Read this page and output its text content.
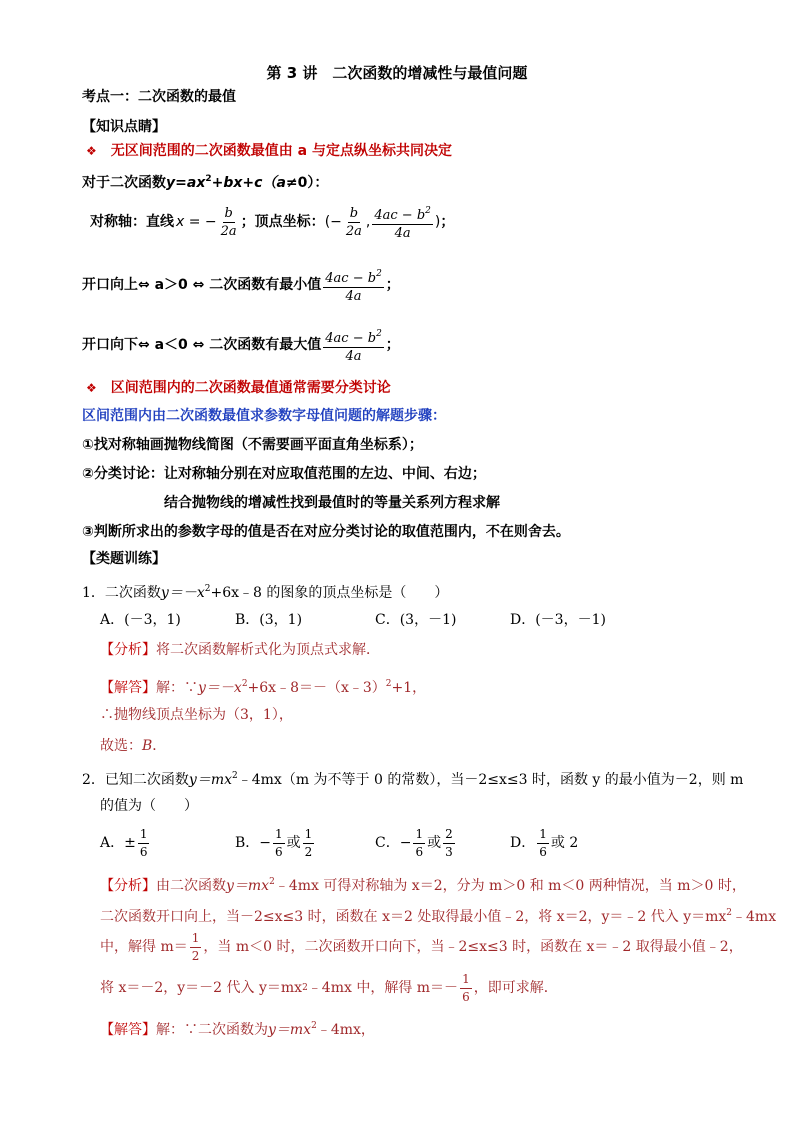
第 3 讲　二次函数的增减性与最值问题
考点一：二次函数的最值
【知识点睛】
❖ 无区间范围的二次函数最值由 a 与定点纵坐标共同决定
对于二次函数$y=ax^2+bx+c(a\ne 0)$：
对称轴：直线 x = − $\frac{b}{2a}$ ；顶点坐标： (− $\frac{b}{2a}$ , $\frac{4ac - b^2}{4a}$ ) ；
开口向上⇔ a＞0 ⇔ 二次函数有最小值 $\frac{4ac - b^2}{4a}$ ；
开口向下⇔ a＜0 ⇔ 二次函数有最大值 $\frac{4ac - b^2}{4a}$ ；
❖ 区间范围内的二次函数最值通常需要分类讨论
区间范围内由二次函数最值求参数字母值问题的解题步骤：
①找对称轴画抛物线简图（不需要画平面直角坐标系）；
②分类讨论：让对称轴分别在对应取值范围的左边、中间、右边；
结合抛物线的增减性找到最值时的等量关系列方程求解
③判断所求出的参数字母的值是否在对应分类讨论的取值范围内，不在则舍去。
【类题训练】
1．二次函数$y=-x^2+6x﹣8$ 的图象的顶点坐标是（　　）
A．(－3，1)	B．(3，1)	C．(3，－1)	D．(－3，－1)
【分析】将二次函数解析式化为顶点式求解．
【解答】解：$\because y=-x^2+6x﹣8=-(x﹣3)^2+1$，
∴抛物线顶点坐标为（3，1），
故选：B．
2．已知二次函数$y=mx^2﹣4mx(m$ 为不等于 0 的常数），当－2≤x≤3 时，函数 y 的最小值为－2，则 m
的值为（　　）
A．± $\frac{1}{6}$	B．− $\frac{1}{6}$ 或 $\frac{1}{2}$	C．− $\frac{1}{6}$ 或 $\frac{2}{3}$	D． $\frac{1}{6}$ 或 2
【分析】由二次函数$y=mx^2﹣4mx$ 可得对称轴为 x＝2，分为 m＞0 和 m＜0 两种情况，当 m＞0 时，
二次函数开口向上，当－2≤x≤3 时，函数在 x＝2 处取得最小值﹣2，将 x＝2，y＝﹣2 代入 $y=mx^2﹣4mx$
中，解得 $m= \frac{1}{2}$ ，当 m＜0 时，二次函数开口向下，当﹣2≤x≤3 时，函数在 x＝﹣2 取得最小值﹣2，
将 x＝－2，y＝－2 代入 y＝mx 2 ﹣4mx 中，解得 $m=- \frac{1}{6}$ ，即可求解．
【解答】解：∵二次函数为$y=mx^2﹣4mx$，
